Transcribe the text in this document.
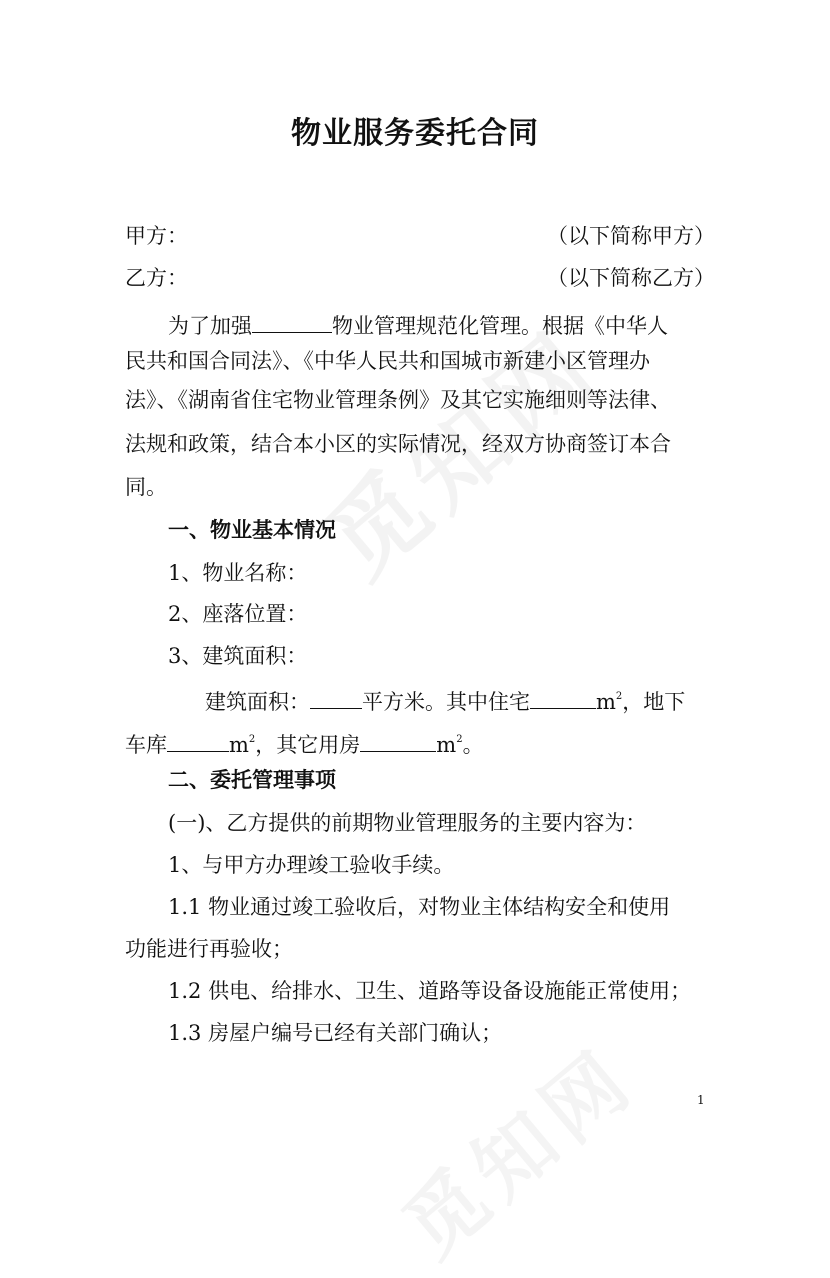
物业服务委托合同
甲方：	（以下简称甲方）
乙方：	（以下简称乙方）
为了加强	物业管理规范化管理。根据《中华人
民共和国合同法》、《中华人民共和国城市新建小区管理办
法》、《湖南省住宅物业管理条例》及其它实施细则等法律、
法规和政策，结合本小区的实际情况，经双方协商签订本合
同。
一、物业基本情况
1、物业名称：
2、座落位置：
3、建筑面积：
建筑面积： 平方米。其中住宅	$m^2$，地下
车库	$m^2$，其它用房	$m^2$。
二、委托管理事项
(一)、乙方提供的前期物业管理服务的主要内容为：
1、与甲方办理竣工验收手续。
1.1 物业通过竣工验收后，对物业主体结构安全和使用
功能进行再验收；
1.2 供电、给排水、卫生、道路等设备设施能正常使用；
1.3 房屋户编号已经有关部门确认；
1
